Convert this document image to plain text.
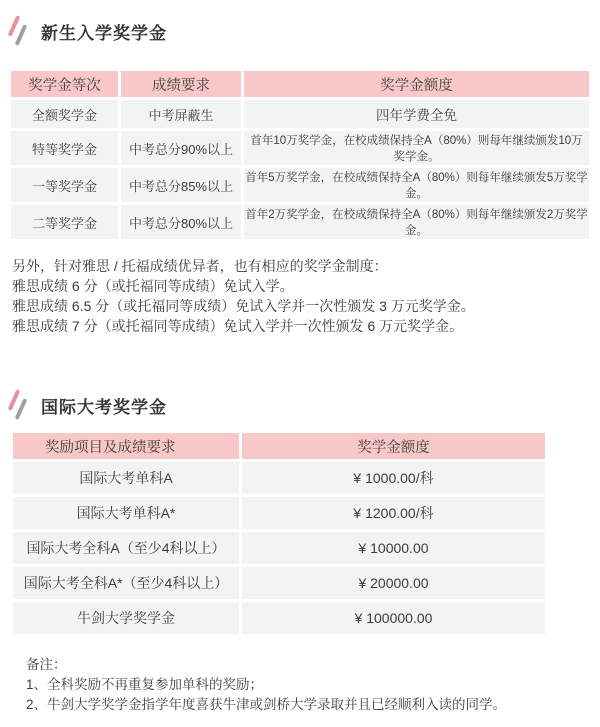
新生入学奖学金
奖学金等次	成绩要求	奖学金额度
全额奖学金	中考屏蔽生	四年学费全免
特等奖学金	中考总分90%以上	首年10万奖学金，在校成绩保持全A（80%）则每年继续颁发10万奖学金。
一等奖学金	中考总分85%以上	首年5万奖学金，在校成绩保持全A（80%）则每年继续颁发5万奖学金。
二等奖学金	中考总分80%以上	首年2万奖学金，在校成绩保持全A（80%）则每年继续颁发2万奖学金。
另外，针对雅思 / 托福成绩优异者，也有相应的奖学金制度：
雅思成绩 6 分（或托福同等成绩）免试入学。
雅思成绩 6.5 分（或托福同等成绩）免试入学并一次性颁发 3 万元奖学金。
雅思成绩 7 分（或托福同等成绩）免试入学并一次性颁发 6 万元奖学金。
国际大考奖学金
奖励项目及成绩要求	奖学金额度
国际大考单科A	¥ 1000.00/科
国际大考单科A*	¥ 1200.00/科
国际大考全科A（至少4科以上）	¥ 10000.00
国际大考全科A*（至少4科以上）	¥ 20000.00
牛剑大学奖学金	¥ 100000.00
备注：
1、全科奖励不再重复参加单科的奖励；
2、牛剑大学奖学金指学年度喜获牛津或剑桥大学录取并且已经顺利入读的同学。
